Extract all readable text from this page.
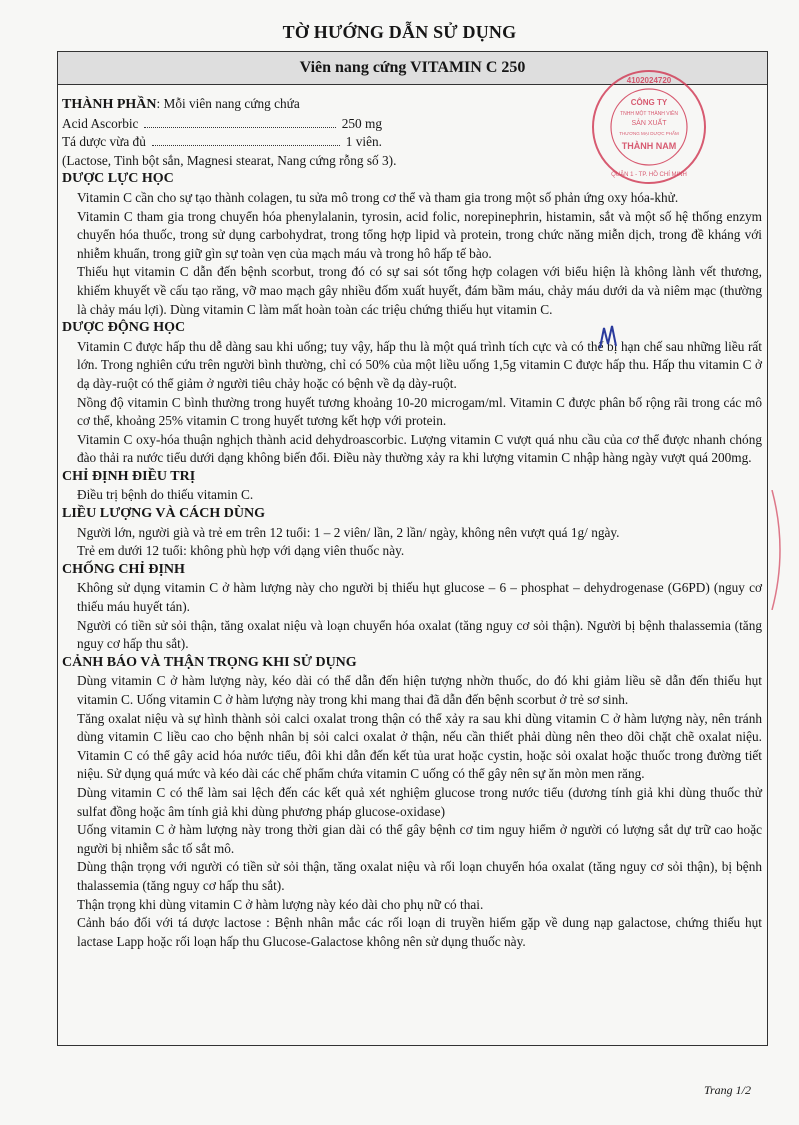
TỜ HƯỚNG DẪN SỬ DỤNG
Viên nang cứng VITAMIN C 250

THÀNH PHẦN: Mỗi viên nang cứng chứa

Acid Ascorbic	250 mg
Tá dược vừa đủ	1 viên.

(Lactose, Tinh bột sắn, Magnesi stearat, Nang cứng rỗng số 3).

DƯỢC LỰC HỌC

Vitamin C cần cho sự tạo thành colagen, tu sửa mô trong cơ thể và tham gia trong một số phản ứng oxy hóa-khử.

Vitamin C tham gia trong chuyển hóa phenylalanin, tyrosin, acid folic, norepinephrin, histamin, sắt và một số hệ thống enzym chuyển hóa thuốc, trong sử dụng carbohydrat, trong tổng hợp lipid và protein, trong chức năng miễn dịch, trong đề kháng với nhiễm khuẩn, trong giữ gìn sự toàn vẹn của mạch máu và trong hô hấp tế bào.

Thiếu hụt vitamin C dẫn đến bệnh scorbut, trong đó có sự sai sót tổng hợp colagen với biểu hiện là không lành vết thương, khiếm khuyết về cấu tạo răng, vỡ mao mạch gây nhiều đốm xuất huyết, đám bầm máu, chảy máu dưới da và niêm mạc (thường là chảy máu lợi). Dùng vitamin C làm mất hoàn toàn các triệu chứng thiếu hụt vitamin C.

DƯỢC ĐỘNG HỌC

Vitamin C được hấp thu dễ dàng sau khi uống; tuy vậy, hấp thu là một quá trình tích cực và có thể bị hạn chế sau những liều rất lớn. Trong nghiên cứu trên người bình thường, chỉ có 50% của một liều uống 1,5g vitamin C được hấp thu. Hấp thu vitamin C ở dạ dày-ruột có thể giảm ở người tiêu chảy hoặc có bệnh về dạ dày-ruột.

Nồng độ vitamin C bình thường trong huyết tương khoảng 10-20 microgam/ml. Vitamin C được phân bố rộng rãi trong các mô cơ thể, khoảng 25% vitamin C trong huyết tương kết hợp với protein.

Vitamin C oxy-hóa thuận nghịch thành acid dehydroascorbic. Lượng vitamin C vượt quá nhu cầu của cơ thể được nhanh chóng đào thải ra nước tiểu dưới dạng không biến đổi. Điều này thường xảy ra khi lượng vitamin C nhập hàng ngày vượt quá 200mg.

CHỈ ĐỊNH ĐIỀU TRỊ

Điều trị bệnh do thiếu vitamin C.

LIỀU LƯỢNG VÀ CÁCH DÙNG

Người lớn, người già và trẻ em trên 12 tuổi: 1 – 2 viên/ lần, 2 lần/ ngày, không nên vượt quá 1g/ ngày.

Trẻ em dưới 12 tuổi: không phù hợp với dạng viên thuốc này.

CHỐNG CHỈ ĐỊNH

Không sử dụng vitamin C ở hàm lượng này cho người bị thiếu hụt glucose – 6 – phosphat – dehydrogenase (G6PD) (nguy cơ thiếu máu huyết tán).

Người có tiền sử sỏi thận, tăng oxalat niệu và loạn chuyển hóa oxalat (tăng nguy cơ sỏi thận). Người bị bệnh thalassemia (tăng nguy cơ hấp thu sắt).

CẢNH BÁO VÀ THẬN TRỌNG KHI SỬ DỤNG

Dùng vitamin C ở hàm lượng này, kéo dài có thể dẫn đến hiện tượng nhờn thuốc, do đó khi giảm liều sẽ dẫn đến thiếu hụt vitamin C. Uống vitamin C ở hàm lượng này trong khi mang thai đã dẫn đến bệnh scorbut ở trẻ sơ sinh.

Tăng oxalat niệu và sự hình thành sỏi calci oxalat trong thận có thể xảy ra sau khi dùng vitamin C ở hàm lượng này, nên tránh dùng vitamin C liều cao cho bệnh nhân bị sỏi calci oxalat ở thận, nếu cần thiết phải dùng nên theo dõi chặt chẽ oxalat niệu. Vitamin C có thể gây acid hóa nước tiểu, đôi khi dẫn đến kết tủa urat hoặc cystin, hoặc sỏi oxalat hoặc thuốc trong đường tiết niệu. Sử dụng quá mức và kéo dài các chế phẩm chứa vitamin C uống có thể gây nên sự ăn mòn men răng.

Dùng vitamin C có thể làm sai lệch đến các kết quả xét nghiệm glucose trong nước tiểu (dương tính giả khi dùng thuốc thử sulfat đồng hoặc âm tính giả khi dùng phương pháp glucose-oxidase)

Uống vitamin C ở hàm lượng này trong thời gian dài có thể gây bệnh cơ tim nguy hiểm ở người có lượng sắt dự trữ cao hoặc người bị nhiễm sắc tố sắt mô.

Dùng thận trọng với người có tiền sử sỏi thận, tăng oxalat niệu và rối loạn chuyển hóa oxalat (tăng nguy cơ sỏi thận), bị bệnh thalassemia (tăng nguy cơ hấp thu sắt).

Thận trọng khi dùng vitamin C ở hàm lượng này kéo dài cho phụ nữ có thai.

Cảnh báo đối với tá dược lactose : Bệnh nhân mắc các rối loạn di truyền hiếm gặp về dung nạp galactose, chứng thiếu hụt lactase Lapp hoặc rối loạn hấp thu Glucose-Galactose không nên sử dụng thuốc này.

4102024720
CÔNG TY
TNHH MỘT THÀNH VIÊN
SẢN XUẤT
THƯƠNG MẠI DƯỢC PHẨM
THÀNH NAM
QUẬN 1 - TP. HỒ CHÍ MINH
Trang 1/2
